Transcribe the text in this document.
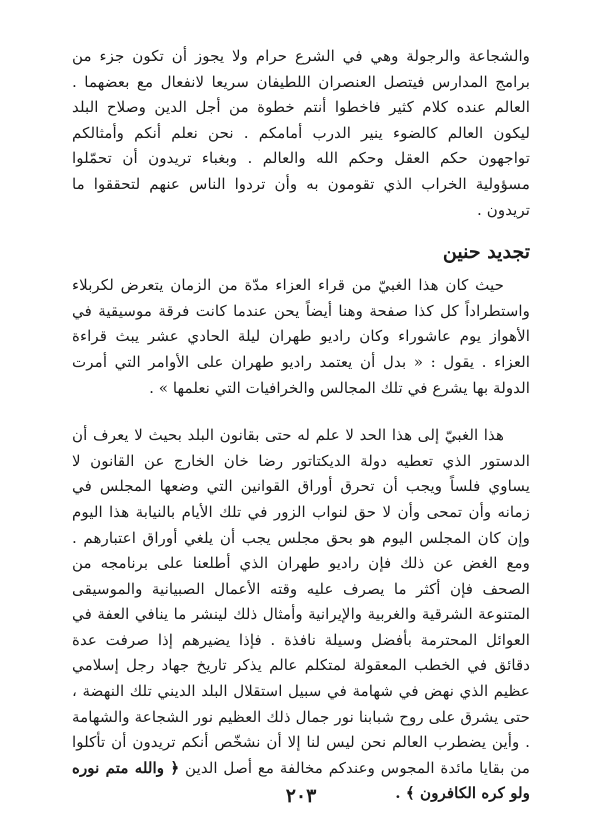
والشجاعة والرجولة وهي في الشرع حرام ولا يجوز أن تكون جزء من برامج المدارس فيتصل العنصران اللطيفان سريعا لانفعال مع بعضهما . العالم عنده كلام كثير فاخطوا أنتم خطوة من أجل الدين وصلاح البلد ليكون العالم كالضوء ينير الدرب أمامكم . نحن نعلم أنكم وأمثالكم تواجهون حكم العقل وحكم الله والعالم . وبغباء تريدون أن تحمّلوا مسؤولية الخراب الذي تقومون به وأن تردوا الناس عنهم لتحققوا ما تريدون .

تجديد حنين

حيث كان هذا الغبيّ من قراء العزاء مدّة من الزمان يتعرض لكربلاء واستطراداً كل كذا صفحة وهنا أيضاً يحن عندما كانت فرقة موسيقية في الأهواز يوم عاشوراء وكان راديو طهران ليلة الحادي عشر يبث قراءة العزاء . يقول : « بدل أن يعتمد راديو طهران على الأوامر التي أمرت الدولة بها يشرع في تلك المجالس والخرافيات التي نعلمها » .

هذا الغبيّ إلى هذا الحد لا علم له حتى بقانون البلد بحيث لا يعرف أن الدستور الذي تعطيه دولة الديكتاتور رضا خان الخارج عن القانون لا يساوي فلساً ويجب أن تحرق أوراق القوانين التي وضعها المجلس في زمانه وأن تمحى وأن لا حق لنواب الزور في تلك الأيام بالنيابة هذا اليوم وإن كان المجلس اليوم هو بحق مجلس يجب أن يلغي أوراق اعتبارهم . ومع الغض عن ذلك فإن راديو طهران الذي أطلعنا على برنامجه من الصحف فإن أكثر ما يصرف عليه وقته الأعمال الصبيانية والموسيقى المتنوعة الشرقية والغربية والإيرانية وأمثال ذلك لينشر ما ينافي العفة في العوائل المحترمة بأفضل وسيلة نافذة . فإذا يضيرهم إذا صرفت عدة دقائق في الخطب المعقولة لمتكلم عالم يذكر تاريخ جهاد رجل إسلامي عظيم الذي نهض في شهامة في سبيل استقلال البلد الديني تلك النهضة ، حتى يشرق على روح شبابنا نور جمال ذلك العظيم نور الشجاعة والشهامة . وأين يضطرب العالم نحن ليس لنا إلا أن نشخّص أنكم تريدون أن تأكلوا من بقايا مائدة المجوس وعندكم مخالفة مع أصل الدين ﴿ والله متم نوره ولو كره الكافرون ﴾ .

٢٠٣
